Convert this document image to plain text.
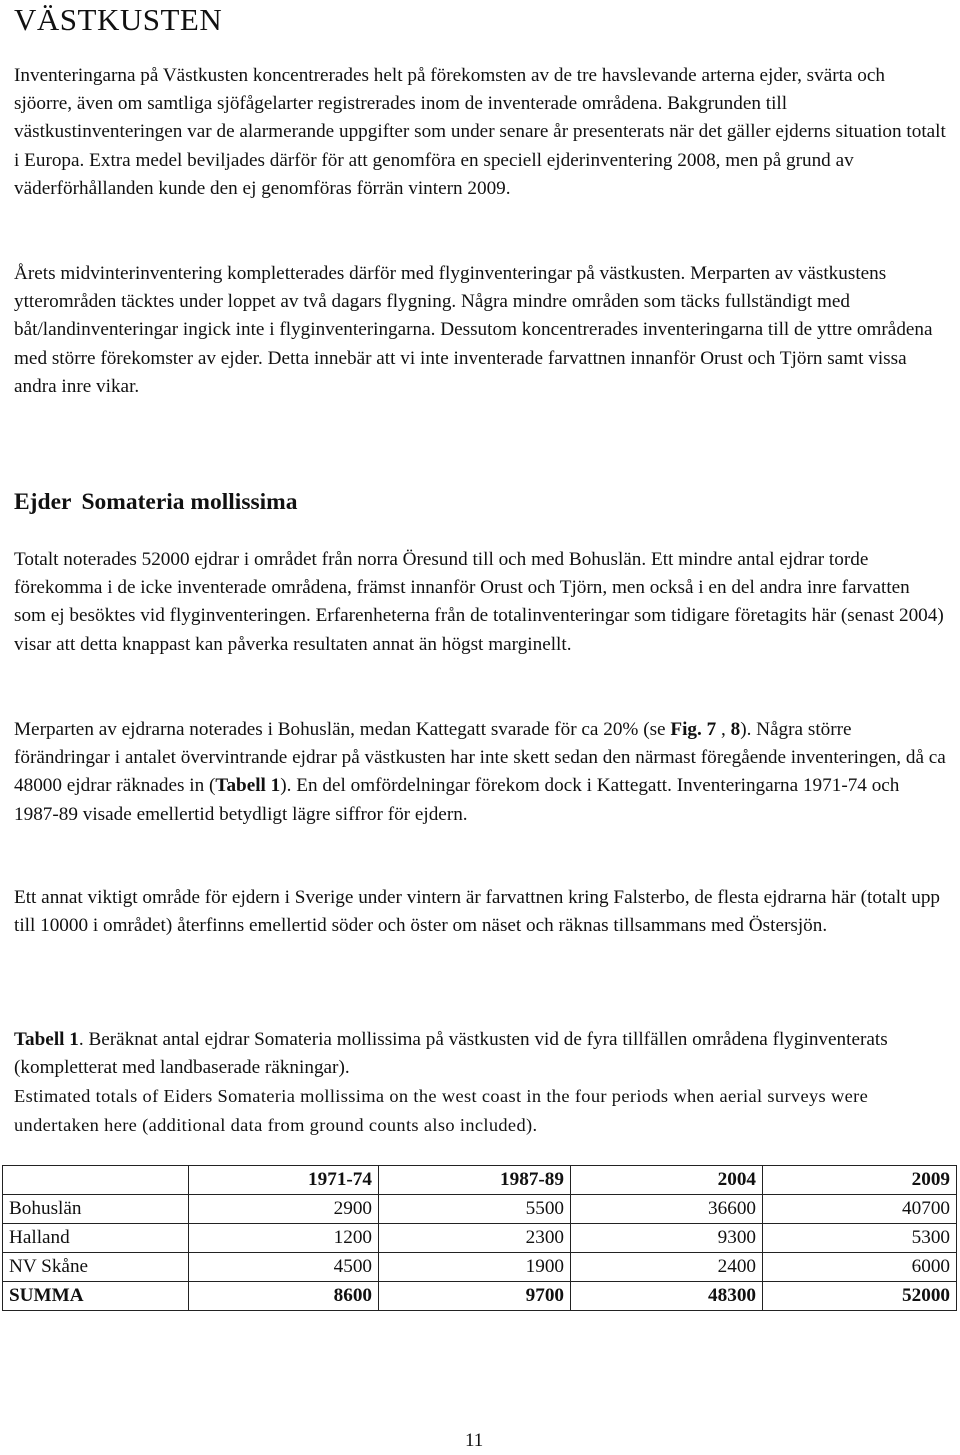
VÄSTKUSTEN

Inventeringarna på Västkusten koncentrerades helt på förekomsten av de tre havslevande arterna ejder, svärta och sjöorre, även om samtliga sjöfågelarter registrerades inom de inventerade områdena. Bakgrunden till västkustinventeringen var de alarmerande uppgifter som under senare år presenterats när det gäller ejderns situation totalt i Europa. Extra medel beviljades därför för att genomföra en speciell ejderinventering 2008, men på grund av väderförhållanden kunde den ej genomföras förrän vintern 2009.

Årets midvinterinventering kompletterades därför med flyginventeringar på västkusten. Merparten av västkustens ytterområden täcktes under loppet av två dagars flygning. Några mindre områden som täcks fullständigt med båt/landinventeringar ingick inte i flyginventeringarna. Dessutom koncentrerades inventeringarna till de yttre områdena med större förekomster av ejder. Detta innebär att vi inte inventerade farvattnen innanför Orust och Tjörn samt vissa andra inre vikar.

Ejder Somateria mollissima

Totalt noterades 52000 ejdrar i området från norra Öresund till och med Bohuslän. Ett mindre antal ejdrar torde förekomma i de icke inventerade områdena, främst innanför Orust och Tjörn, men också i en del andra inre farvatten som ej besöktes vid flyginventeringen. Erfarenheterna från de totalinventeringar som tidigare företagits här (senast 2004) visar att detta knappast kan påverka resultaten annat än högst marginellt.

Merparten av ejdrarna noterades i Bohuslän, medan Kattegatt svarade för ca 20% (se Fig. 7 , 8). Några större förändringar i antalet övervintrande ejdrar på västkusten har inte skett sedan den närmast föregående inventeringen, då ca 48000 ejdrar räknades in (Tabell 1). En del omfördelningar förekom dock i Kattegatt. Inventeringarna 1971-74 och 1987-89 visade emellertid betydligt lägre siffror för ejdern.

Ett annat viktigt område för ejdern i Sverige under vintern är farvattnen kring Falsterbo, de flesta ejdrarna här (totalt upp till 10000 i området) återfinns emellertid söder och öster om näset och räknas tillsammans med Östersjön.

Tabell 1. Beräknat antal ejdrar Somateria mollissima på västkusten vid de fyra tillfällen områdena flyginventerats (kompletterat med landbaserade räkningar).

Estimated totals of Eiders Somateria mollissima on the west coast in the four periods when aerial surveys were undertaken here (additional data from ground counts also included).

	1971-74	1987-89	2004	2009
Bohuslän	2900	5500	36600	40700
Halland	1200	2300	9300	5300
NV Skåne	4500	1900	2400	6000
SUMMA	8600	9700	48300	52000

11
